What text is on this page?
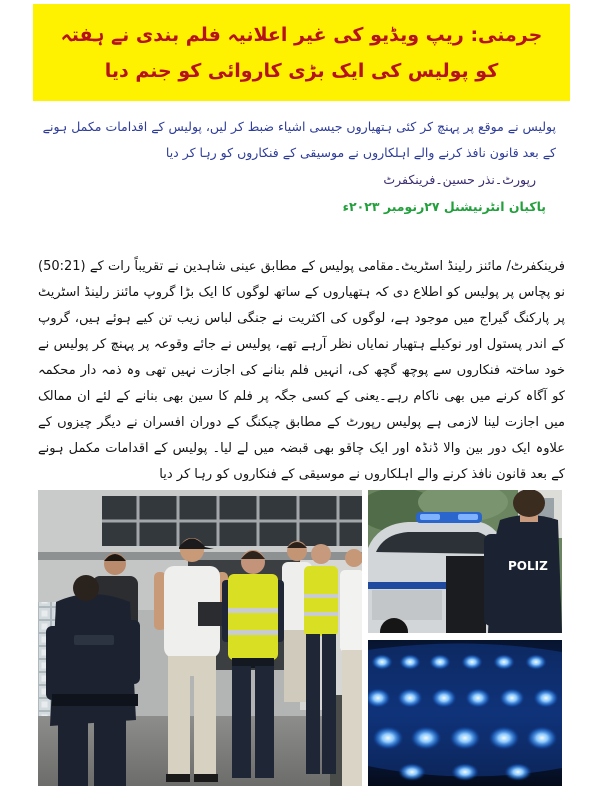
جرمنی: ریپ ویڈیو کی غیر اعلانیہ فلم بندی نے ہفتہ کو پولیس کی ایک بڑی کاروائی کو جنم دیا

پولیس نے موقع پر پہنچ کر کئی ہتھیاروں جیسی اشیاء ضبط کر لیں، پولیس کے اقدامات مکمل ہونے کے بعد قانون نافذ کرنے والے اہلکاروں نے موسیقی کے فنکاروں کو رہا کر دیا

رپورٹ۔نذر حسین۔فرینکفرٹ

پاکبان انٹرنیشنل ۲۷رنومبر ۲۰۲۳ء

فرینکفرٹ/ مائنز رلینڈ اسٹریٹ۔مقامی پولیس کے مطابق عینی شاہدین نے تقریباً رات کے (50:21) نو پچاس پر پولیس کو اطلاع دی کہ ہتھیاروں کے ساتھ لوگوں کا ایک بڑا گروپ مائنز رلینڈ اسٹریٹ پر پارکنگ گیراج میں موجود ہے، لوگوں کی اکثریت نے جنگی لباس زیب تن کیے ہوئے ہیں، گروپ کے اندر پستول اور نوکیلے ہتھیار نمایاں نظر آرہے تھے، پولیس نے جائے وقوعہ پر پہنچ کر پولیس نے خود ساختہ فنکاروں سے پوچھ گچھ کی، انہیں فلم بنانے کی اجازت نہیں تھی وہ ذمہ دار محکمہ کو آگاہ کرنے میں بھی ناکام رہے۔یعنی کے کسی جگہ پر فلم کا سین بھی بنانے کے لئے ان ممالک میں اجازت لینا لازمی ہے پولیس رپورٹ کے مطابق چیکنگ کے دوران افسران نے دیگر چیزوں کے علاوہ ایک دور بین والا ڈنڈہ اور ایک چاقو بھی قبضہ میں لے لیا۔ پولیس کے اقدامات مکمل ہونے کے بعد قانون نافذ کرنے والے اہلکاروں نے موسیقی کے فنکاروں کو رہا کر دیا

POLIZ
